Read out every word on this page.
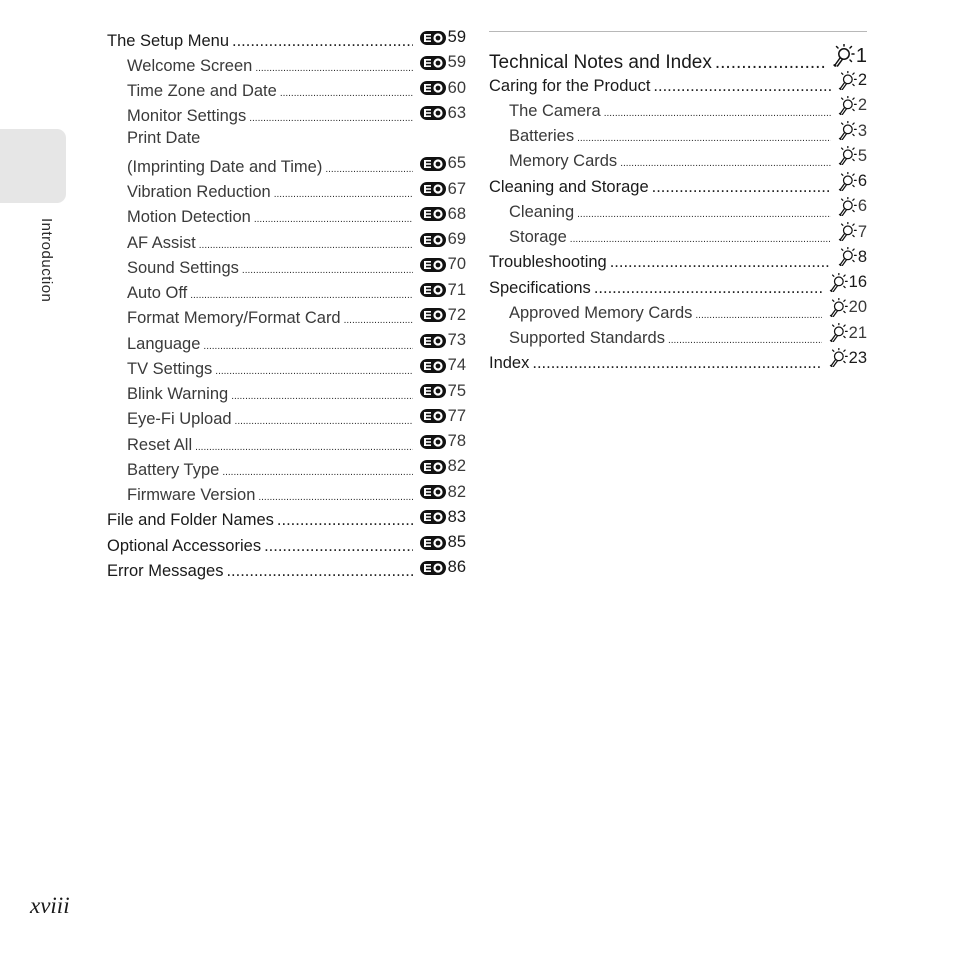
Introduction
The Setup Menu .....	59
Welcome Screen .....	59
Time Zone and Date .....	60
Monitor Settings .....	63
Print Date
(Imprinting Date and Time) .....	65
Vibration Reduction .....	67
Motion Detection .....	68
AF Assist .....	69
Sound Settings .....	70
Auto Off .....	71
Format Memory/Format Card .....	72
Language .....	73
TV Settings .....	74
Blink Warning .....	75
Eye-Fi Upload .....	77
Reset All .....	78
Battery Type .....	82
Firmware Version .....	82
File and Folder Names .....	83
Optional Accessories .....	85
Error Messages .....	86
Technical Notes and Index .....	1
Caring for the Product .....	2
The Camera .....	2
Batteries .....	3
Memory Cards .....	5
Cleaning and Storage .....	6
Cleaning .....	6
Storage .....	7
Troubleshooting .....	8
Specifications .....	16
Approved Memory Cards .....	20
Supported Standards .....	21
Index .....	23
xviii
